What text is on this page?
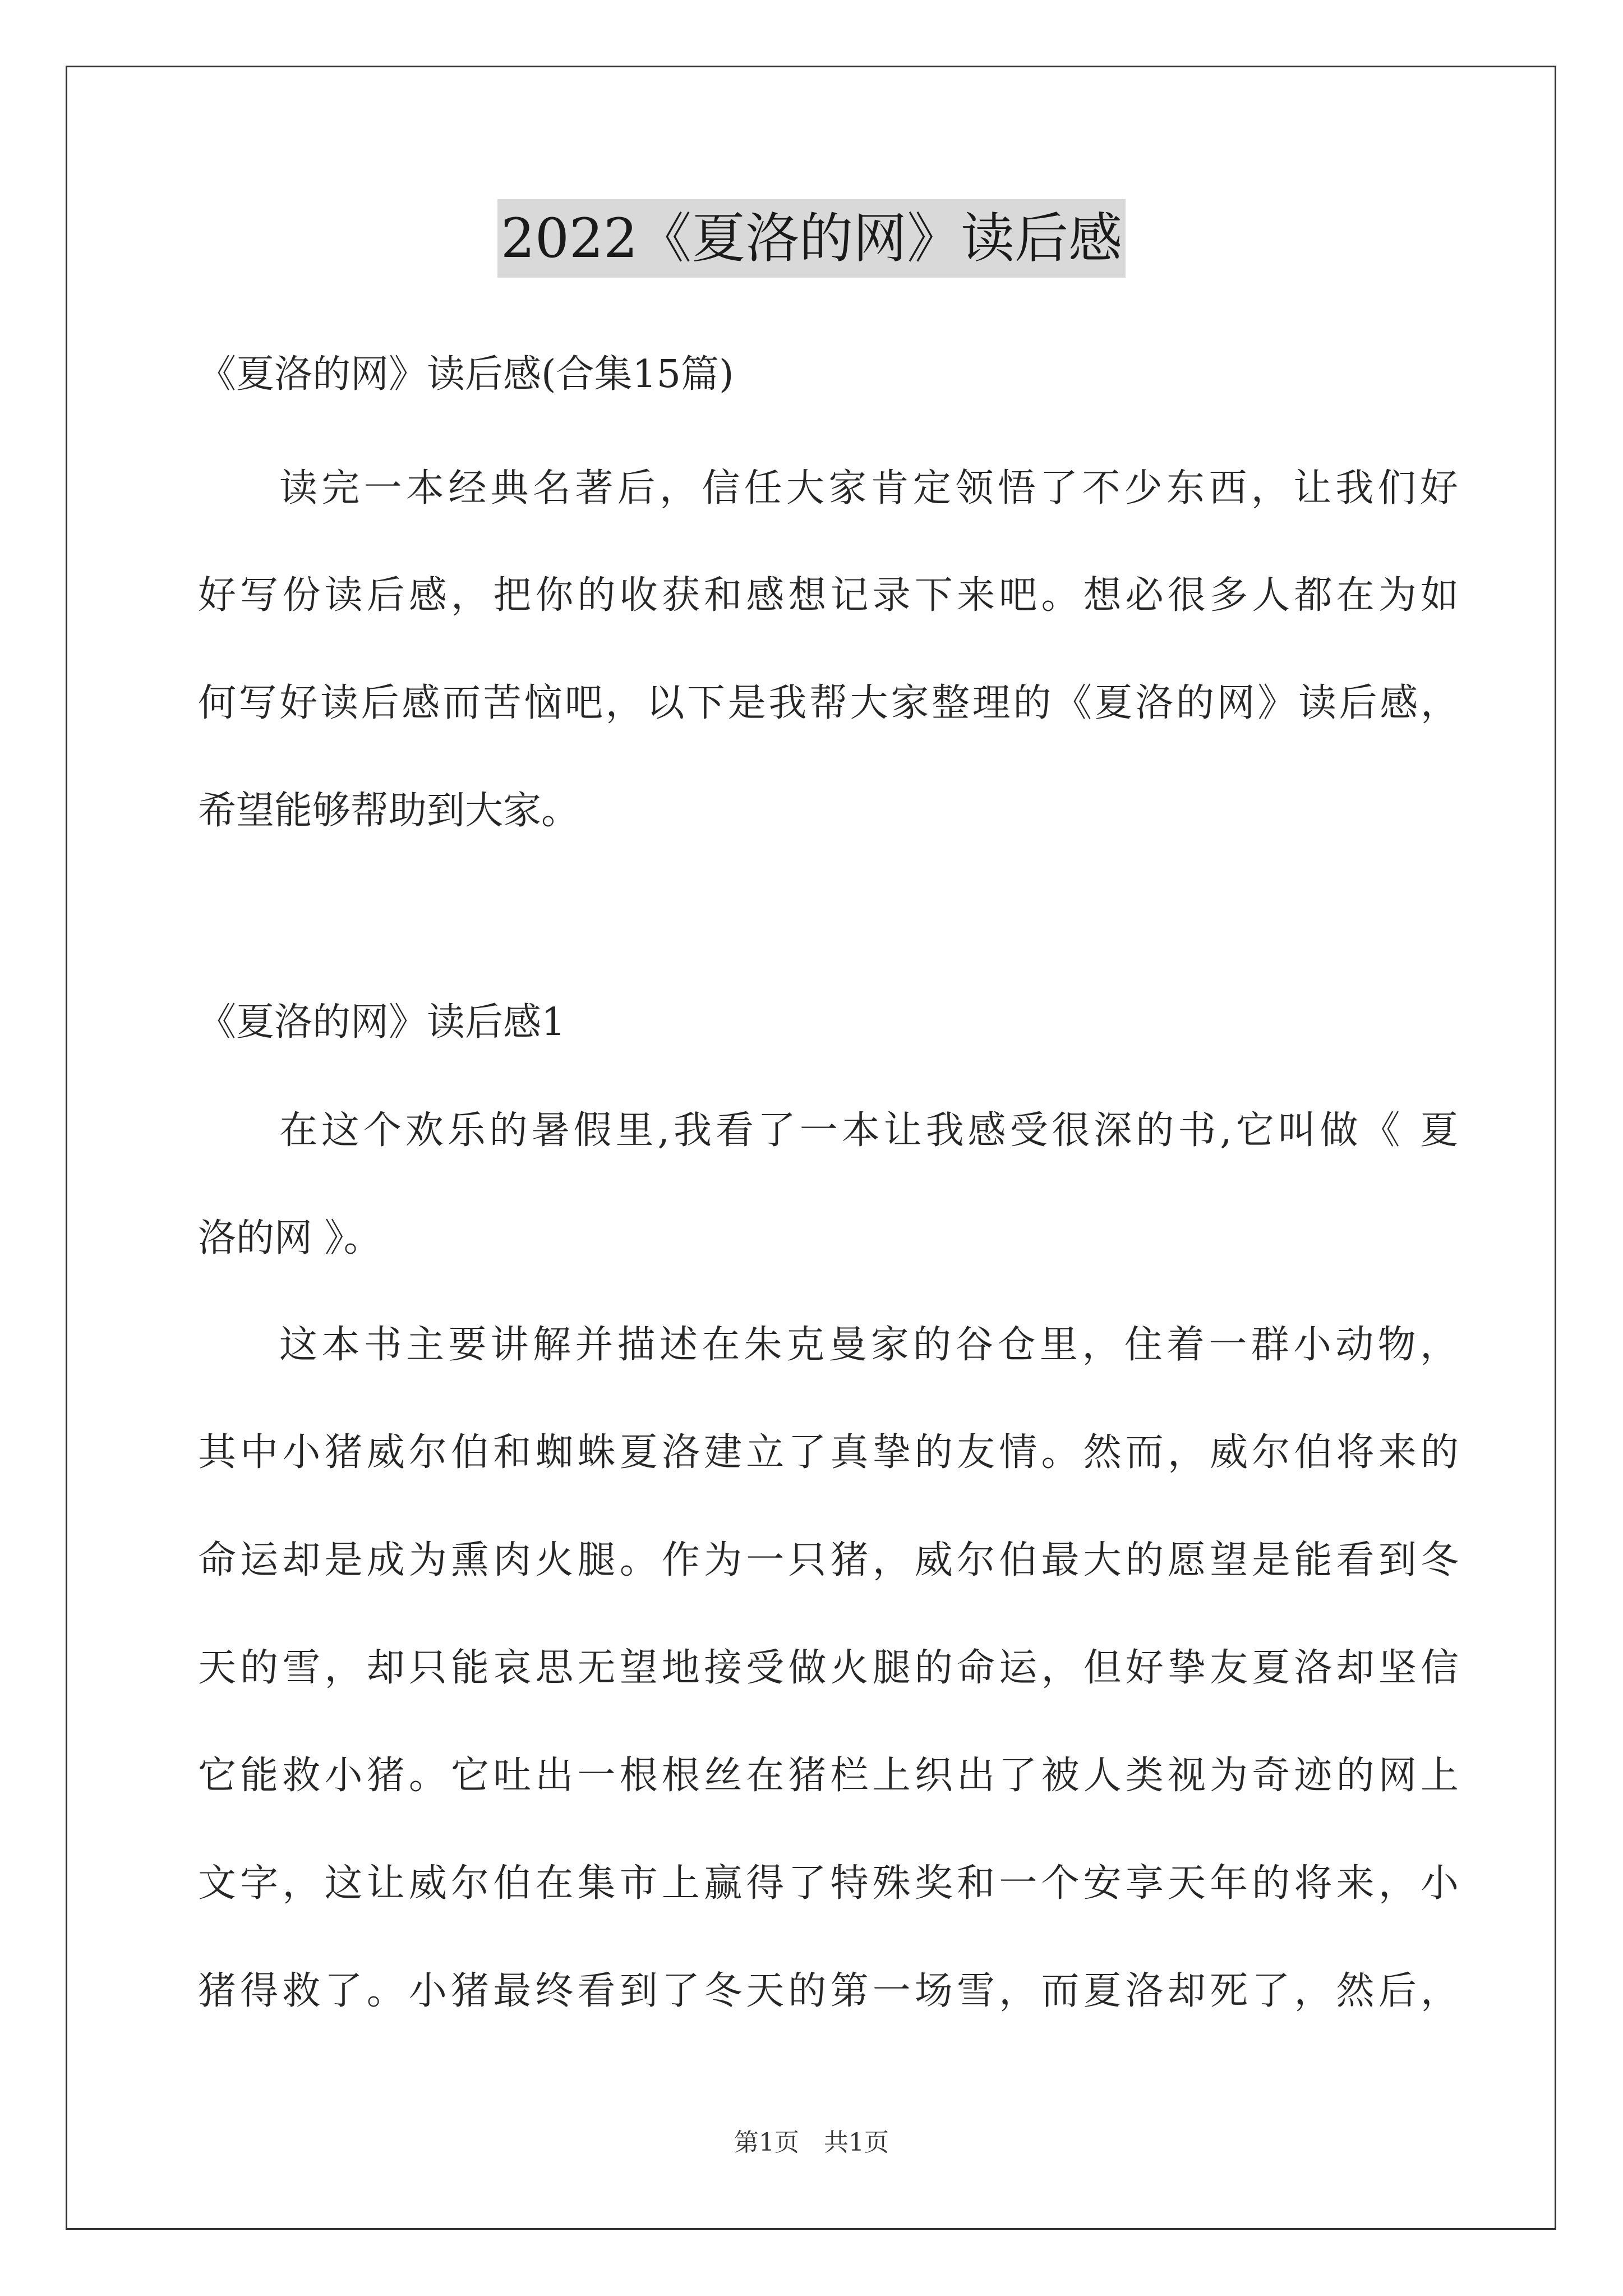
2022《夏洛的网》读后感
《夏洛的网》读后感(合集15篇)
读完一本经典名著后，信任大家肯定领悟了不少东西，让我们好
好写份读后感，把你的收获和感想记录下来吧。想必很多人都在为如
何写好读后感而苦恼吧，以下是我帮大家整理的《夏洛的网》读后感，
希望能够帮助到大家。
《夏洛的网》读后感1
在这个欢乐的暑假里,我看了一本让我感受很深的书,它叫做《 夏
洛的网 》。
这本书主要讲解并描述在朱克曼家的谷仓里，住着一群小动物，
其中小猪威尔伯和蜘蛛夏洛建立了真挚的友情。然而，威尔伯将来的
命运却是成为熏肉火腿。作为一只猪，威尔伯最大的愿望是能看到冬
天的雪，却只能哀思无望地接受做火腿的命运，但好挚友夏洛却坚信
它能救小猪。它吐出一根根丝在猪栏上织出了被人类视为奇迹的网上
文字，这让威尔伯在集市上赢得了特殊奖和一个安享天年的将来，小
猪得救了。小猪最终看到了冬天的第一场雪，而夏洛却死了，然后，
第1页　共1页
